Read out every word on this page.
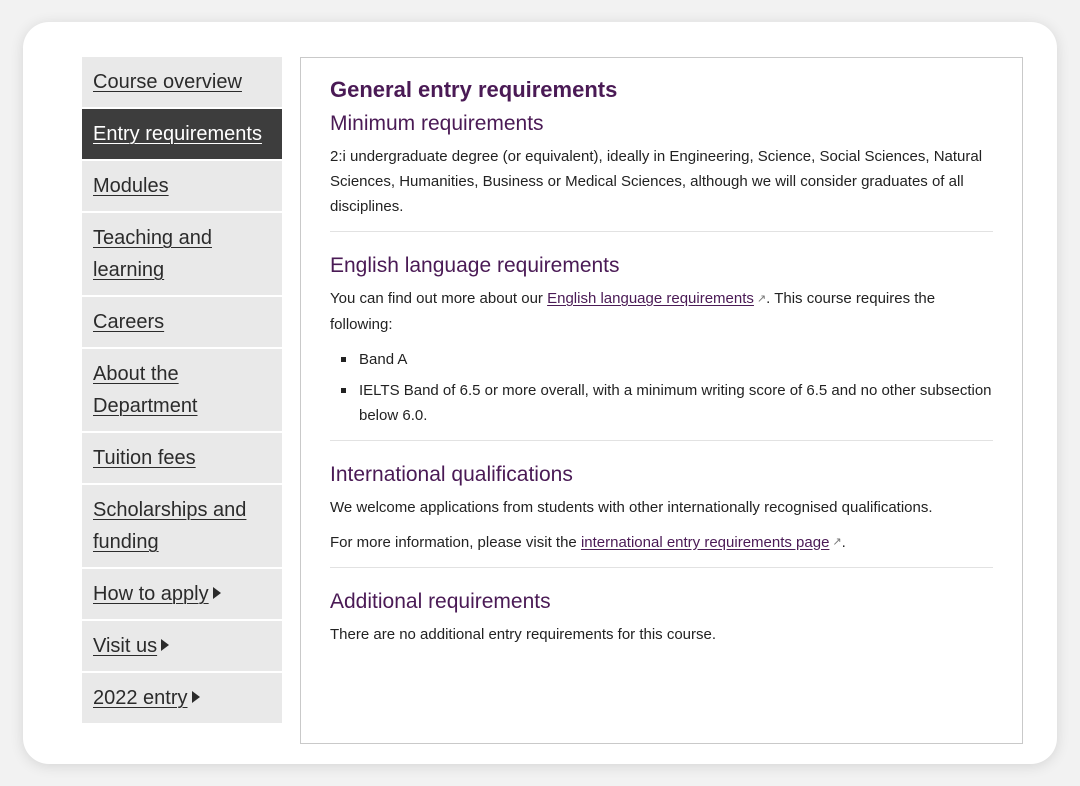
Course overview
Entry requirements
Modules
Teaching and learning
Careers
About the Department
Tuition fees
Scholarships and funding
How to apply
Visit us
2022 entry
General entry requirements
Minimum requirements

2:i undergraduate degree (or equivalent), ideally in Engineering, Science, Social Sciences, Natural Sciences, Humanities, Business or Medical Sciences, although we will consider graduates of all disciplines.

English language requirements

You can find out more about our English language requirements ↗. This course requires the following:

Band A
IELTS Band of 6.5 or more overall, with a minimum writing score of 6.5 and no other subsection below 6.0.
International qualifications

We welcome applications from students with other internationally recognised qualifications.

For more information, please visit the international entry requirements page ↗.

Additional requirements

There are no additional entry requirements for this course.
